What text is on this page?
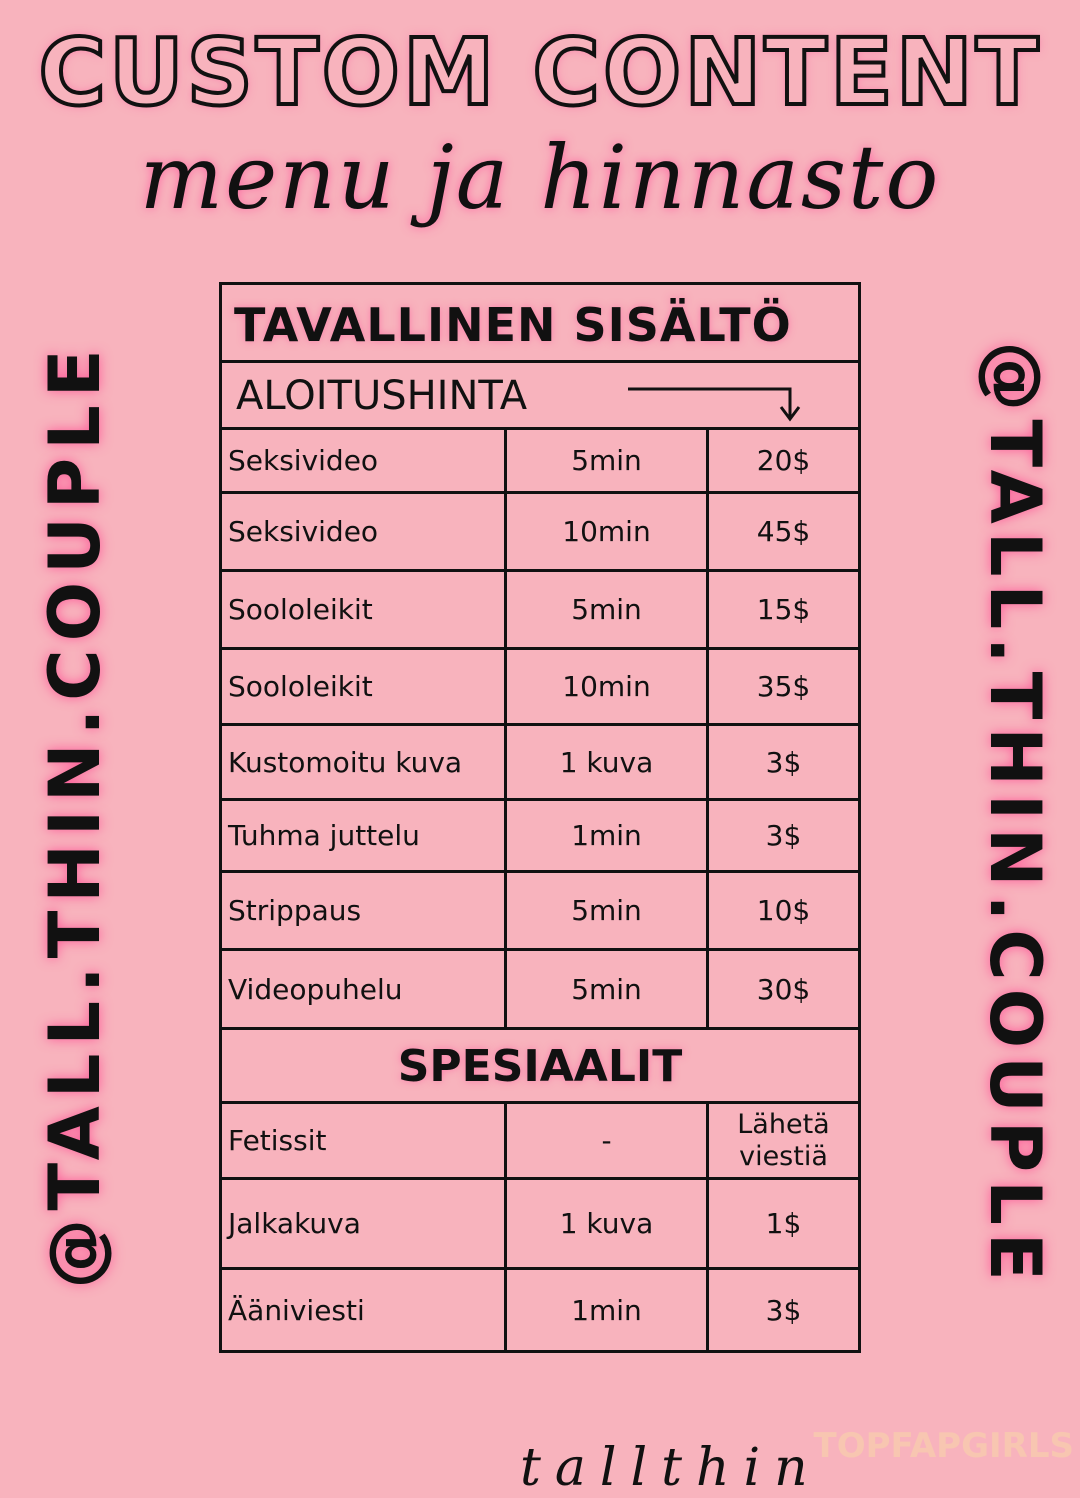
CUSTOM CONTENT
menu ja hinnasto
@TALL.THIN.COUPLE	@TALL.THIN.COUPLE
TAVALLINEN SISÄLTÖ
ALOITUSHINTA
Seksivideo	5min	20$
Seksivideo	10min	45$
Soololeikit	5min	15$
Soololeikit	10min	35$
Kustomoitu kuva	1 kuva	3$
Tuhma juttelu	1min	3$
Strippaus	5min	10$
Videopuhelu	5min	30$
SPESIAALIT
Fetissit	-	Lähetä viestiä
Jalkakuva	1 kuva	1$
Ääniviesti	1min	3$
tallthin
TOPFAPGIRLS
